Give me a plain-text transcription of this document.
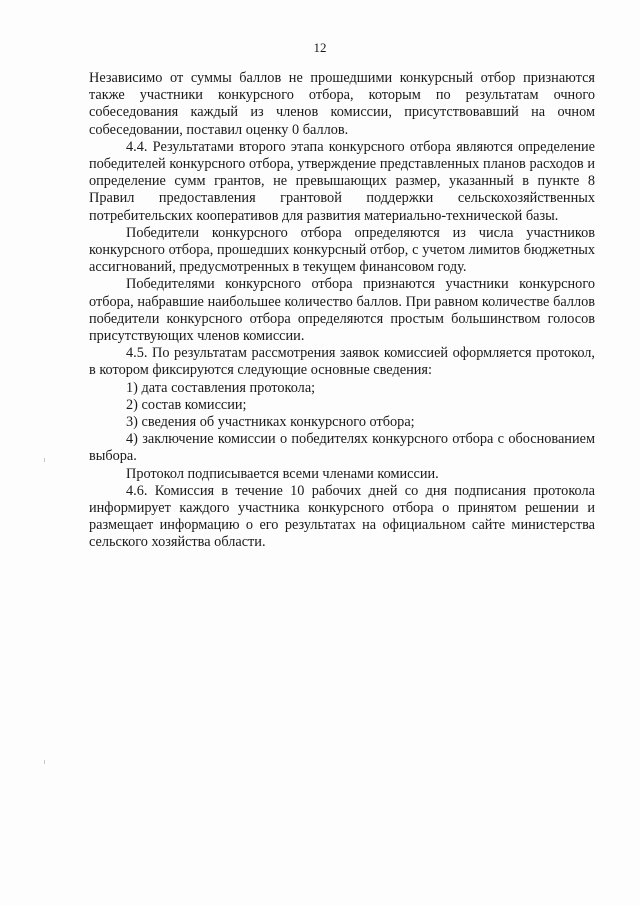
12

Независимо от суммы баллов не прошедшими конкурсный отбор признаются также участники конкурсного отбора, которым по результатам очного собеседования каждый из членов комиссии, присутствовавший на очном собеседовании, поставил оценку 0 баллов.

4.4. Результатами второго этапа конкурсного отбора являются определение победителей конкурсного отбора, утверждение представленных планов расходов и определение сумм грантов, не превышающих размер, указанный в пункте 8 Правил предоставления грантовой поддержки сельскохозяйственных потребительских кооперативов для развития материально-технической базы.

Победители конкурсного отбора определяются из числа участников конкурсного отбора, прошедших конкурсный отбор, с учетом лимитов бюджетных ассигнований, предусмотренных в текущем финансовом году.

Победителями конкурсного отбора признаются участники конкурсного отбора, набравшие наибольшее количество баллов. При равном количестве баллов победители конкурсного отбора определяются простым большинством голосов присутствующих членов комиссии.

4.5. По результатам рассмотрения заявок комиссией оформляется протокол, в котором фиксируются следующие основные сведения:

1) дата составления протокола;

2) состав комиссии;

3) сведения об участниках конкурсного отбора;

4) заключение комиссии о победителях конкурсного отбора с обоснованием выбора.

Протокол подписывается всеми членами комиссии.

4.6. Комиссия в течение 10 рабочих дней со дня подписания протокола информирует каждого участника конкурсного отбора о принятом решении и размещает информацию о его результатах на официальном сайте министерства сельского хозяйства области.
